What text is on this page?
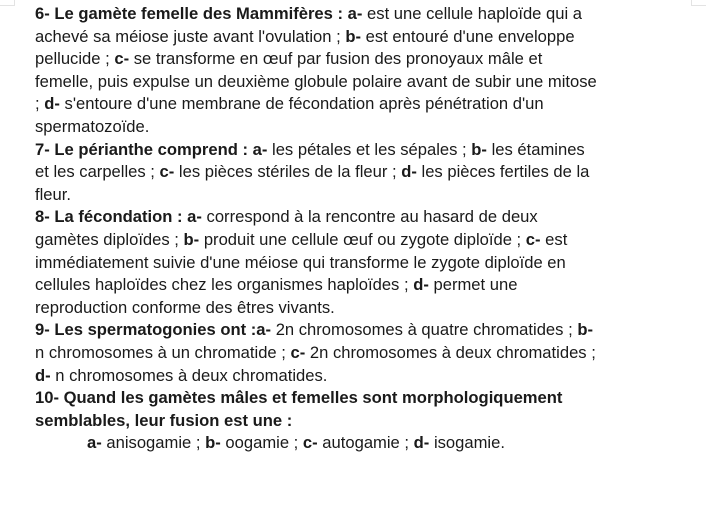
6- Le gamète femelle des Mammifères : a- est une cellule haploïde qui a achevé sa méiose juste avant l'ovulation ; b- est entouré d'une enveloppe pellucide ; c- se transforme en œuf par fusion des pronoyaux mâle et femelle, puis expulse un deuxième globule polaire avant de subir une mitose ; d- s'entoure d'une membrane de fécondation après pénétration d'un spermatozoïde.

7- Le périanthe comprend : a- les pétales et les sépales ; b- les étamines et les carpelles ; c- les pièces stériles de la fleur ; d- les pièces fertiles de la fleur.

8- La fécondation : a- correspond à la rencontre au hasard de deux gamètes diploïdes ; b- produit une cellule œuf ou zygote diploïde ; c- est immédiatement suivie d'une méiose qui transforme le zygote diploïde en cellules haploïdes chez les organismes haploïdes ; d- permet une reproduction conforme des êtres vivants.

9- Les spermatogonies ont :a- 2n chromosomes à quatre chromatides ; b- n chromosomes à un chromatide ; c- 2n chromosomes à deux chromatides ; d- n chromosomes à deux chromatides.

10- Quand les gamètes mâles et femelles sont morphologiquement semblables, leur fusion est une :

a- anisogamie ; b- oogamie ; c- autogamie ; d- isogamie.
